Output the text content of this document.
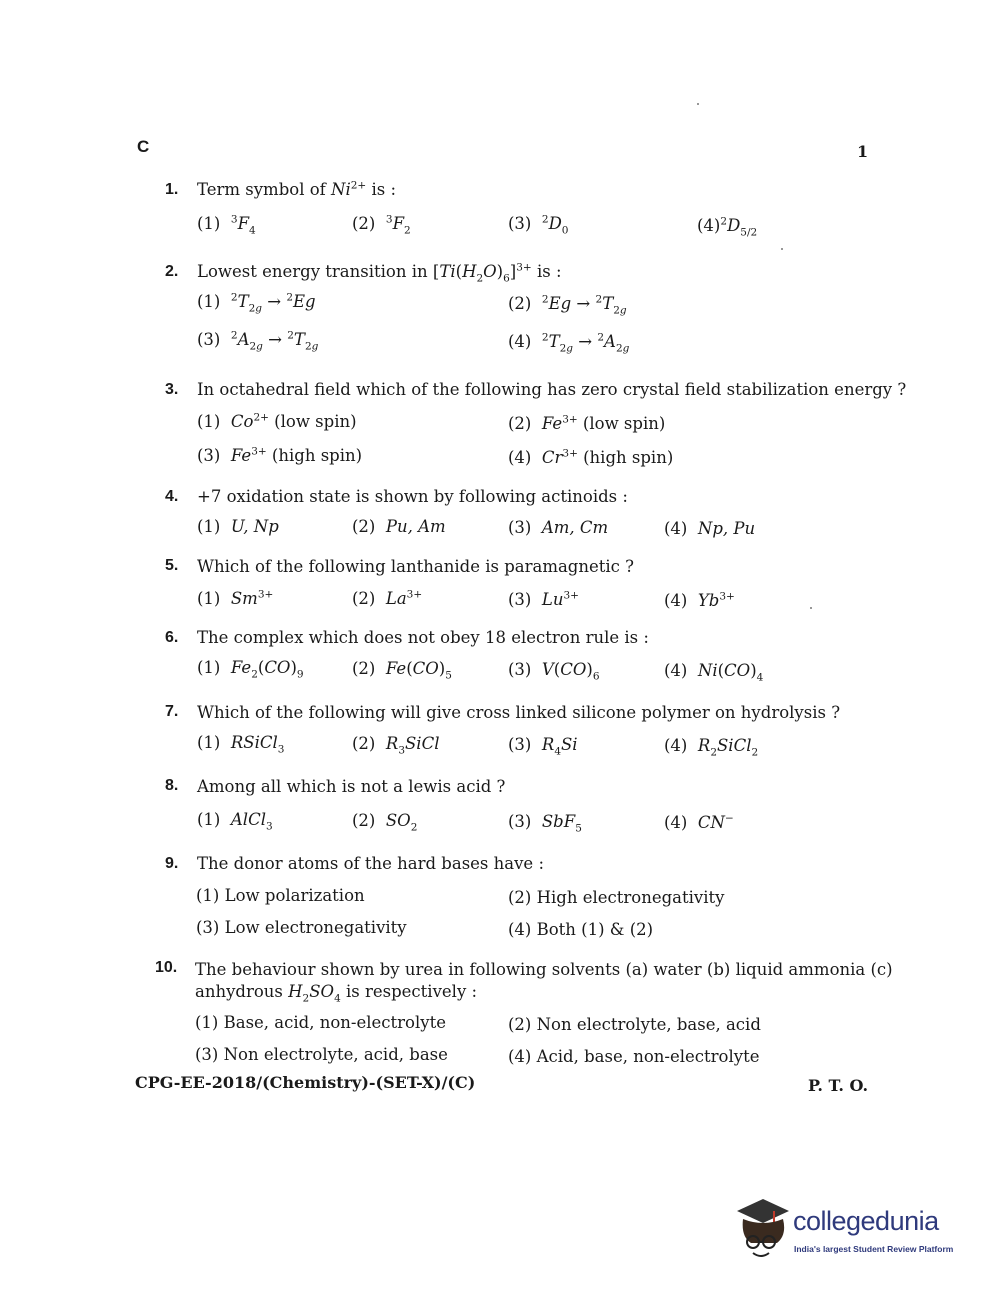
C	1
1. Term symbol of $Ni^{2+}$ is :
(1)  $^3F_4$	(2)  $^3F_2$	(3)  $^2D_0$	$(4)^2D_{5/2}$
2. Lowest energy transition in $[Ti(H_2O)_6]^{3+}$ is :
(1)  $^2T_{2g} \to ^2Eg$	(2)  $^2Eg \to ^2T_{2g}$
(3)  $^2A_{2g} \to ^2T_{2g}$	(4)  $^2T_{2g} \to ^2A_{2g}$
3. In octahedral field which of the following has zero crystal field stabilization energy ?
(1)  $Co^{2+}$ (low spin)	(2)  $Fe^{3+}$ (low spin)
(3)  $Fe^{3+}$ (high spin)	(4)  $Cr^{3+}$ (high spin)
4. +7 oxidation state is shown by following actinoids :
(1)  U, Np	(2)  Pu, Am	(3)  Am, Cm	(4)  Np, Pu
5. Which of the following lanthanide is paramagnetic ?
(1)  $Sm^{3+}$	(2)  $La^{3+}$	(3)  $Lu^{3+}$	(4)  $Yb^{3+}$
6. The complex which does not obey 18 electron rule is :
(1)  $Fe_2(CO)_9$	(2)  $Fe(CO)_5$	(3)  $V(CO)_6$	(4)  $Ni(CO)_4$
7. Which of the following will give cross linked silicone polymer on hydrolysis ?
(1)  RSiCl$_3$	(2)  $R_3SiCl$	(3)  $R_4Si$	(4)  $R_2SiCl_2$
8. Among all which is not a lewis acid ?
(1)  AlCl$_3$	(2)  $SO_2$	(3)  SbF$_5$	(4)  CN−
9. The donor atoms of the hard bases have :
(1) Low polarization	(2) High electronegativity
(3) Low electronegativity	(4) Both (1) & (2)
10. The behaviour shown by urea in following solvents (a) water (b) liquid ammonia (c)
anhydrous $H_2SO_4$ is respectively :
(1) Base, acid, non-electrolyte	(2) Non electrolyte, base, acid
(3) Non electrolyte, acid, base	(4) Acid, base, non-electrolyte
CPG-EE-2018/(Chemistry)-(SET-X)/(C)	P. T. O.
collegedunia
India's largest Student Review Platform
